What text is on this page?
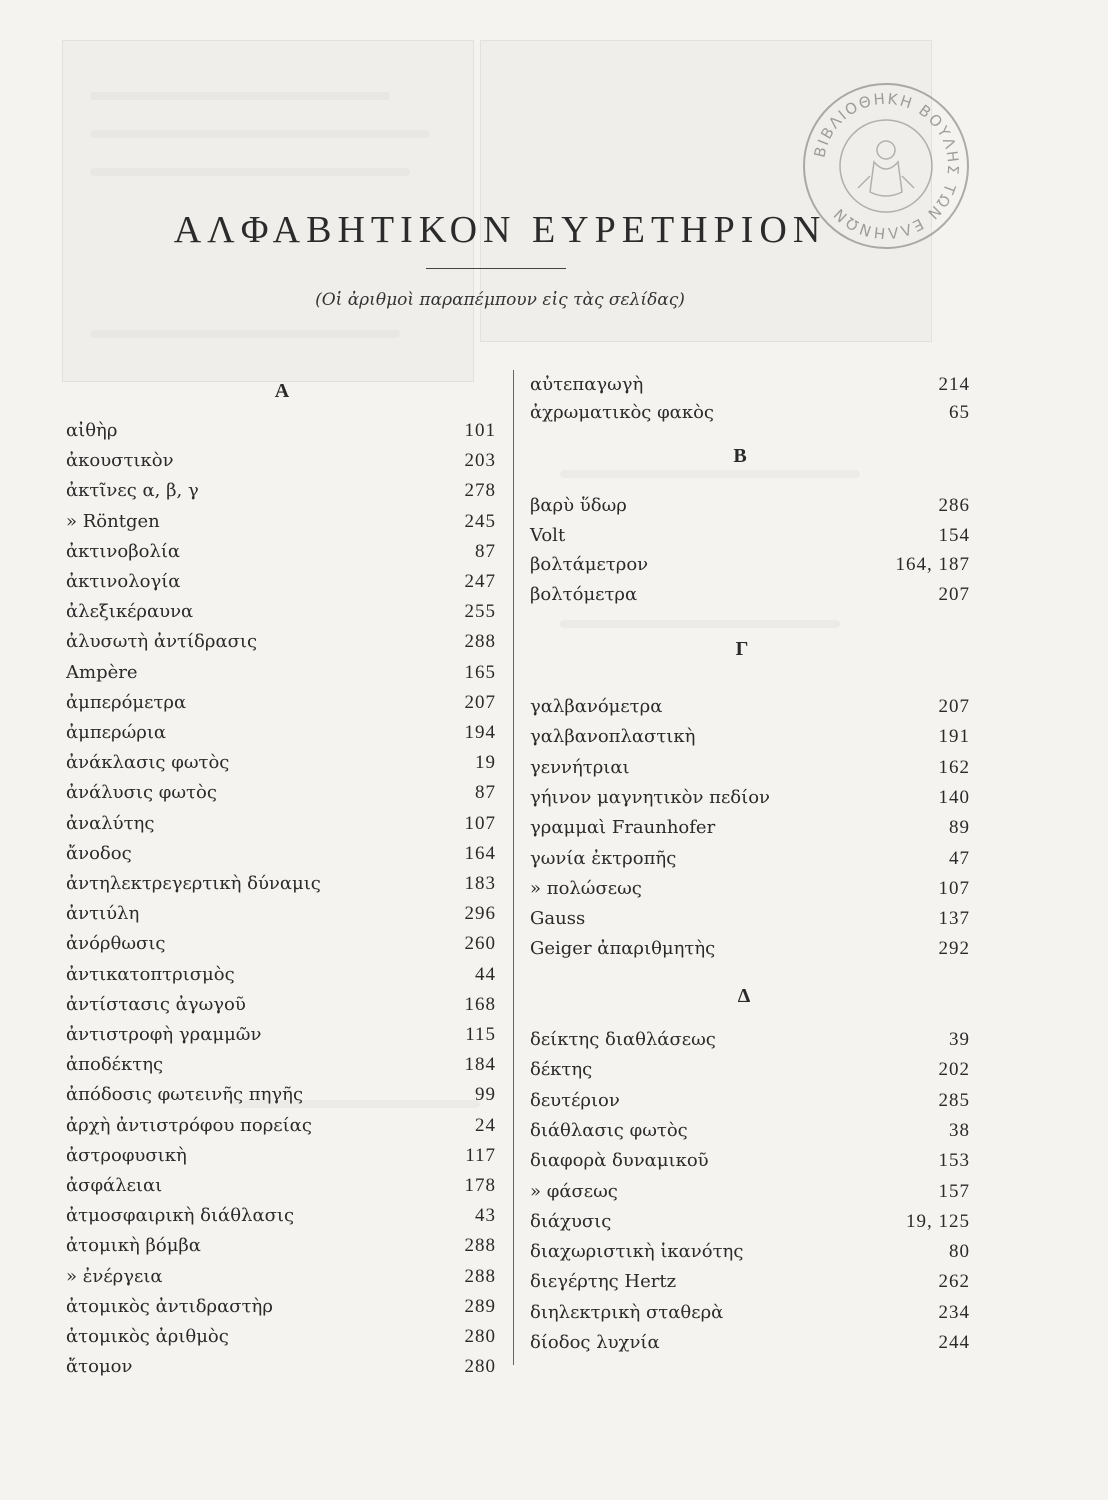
ΒΙΒΛΙΟΘΗΚΗ ΒΟΥΛΗΣ ΤΩΝ ΕΛΛΗΝΩΝ
ΑΛΦΑΒΗΤΙΚΟΝ ΕΥΡΕΤΗΡΙΟΝ
(Οἱ ἀριθμοὶ παραπέμπουν εἰς τὰς σελίδας)
Α
αἰθὴρ	101
ἀκουστικὸν	203
ἀκτῖνες α, β, γ	278
» Röntgen	245
ἀκτινοβολία	87
ἀκτινολογία	247
ἀλεξικέραυνα	255
ἀλυσωτὴ ἀντίδρασις	288
Ampère	165
ἀμπερόμετρα	207
ἀμπερώρια	194
ἀνάκλασις φωτὸς	19
ἀνάλυσις φωτὸς	87
ἀναλύτης	107
ἄνοδος	164
ἀντηλεκτρεγερτικὴ δύναμις	183
ἀντιύλη	296
ἀνόρθωσις	260
ἀντικατοπτρισμὸς	44
ἀντίστασις ἀγωγοῦ	168
ἀντιστροφὴ γραμμῶν	115
ἀποδέκτης	184
ἀπόδοσις φωτεινῆς πηγῆς	99
ἀρχὴ ἀντιστρόφου πορείας	24
ἀστροφυσικὴ	117
ἀσφάλειαι	178
ἀτμοσφαιρικὴ διάθλασις	43
ἀτομικὴ βόμβα	288
» ἐνέργεια	288
ἀτομικὸς ἀντιδραστὴρ	289
ἀτομικὸς ἀριθμὸς	280
ἄτομον	280
αὐτεπαγωγὴ	214
ἀχρωματικὸς φακὸς	65
βαρὺ ὕδωρ	286
Volt	154
βολτάμετρον	164, 187
βολτόμετρα	207
γαλβανόμετρα	207
γαλβανοπλαστικὴ	191
γεννήτριαι	162
γήινον μαγνητικὸν πεδίον	140
γραμμαὶ Fraunhofer	89
γωνία ἐκτροπῆς	47
» πολώσεως	107
Gauss	137
Geiger ἀπαριθμητὴς	292
δείκτης διαθλάσεως	39
δέκτης	202
δευτέριον	285
διάθλασις φωτὸς	38
διαφορὰ δυναμικοῦ	153
» φάσεως	157
διάχυσις	19, 125
διαχωριστικὴ ἱκανότης	80
διεγέρτης Hertz	262
διηλεκτρικὴ σταθερὰ	234
δίοδος λυχνία	244
Β
Γ
Δ
